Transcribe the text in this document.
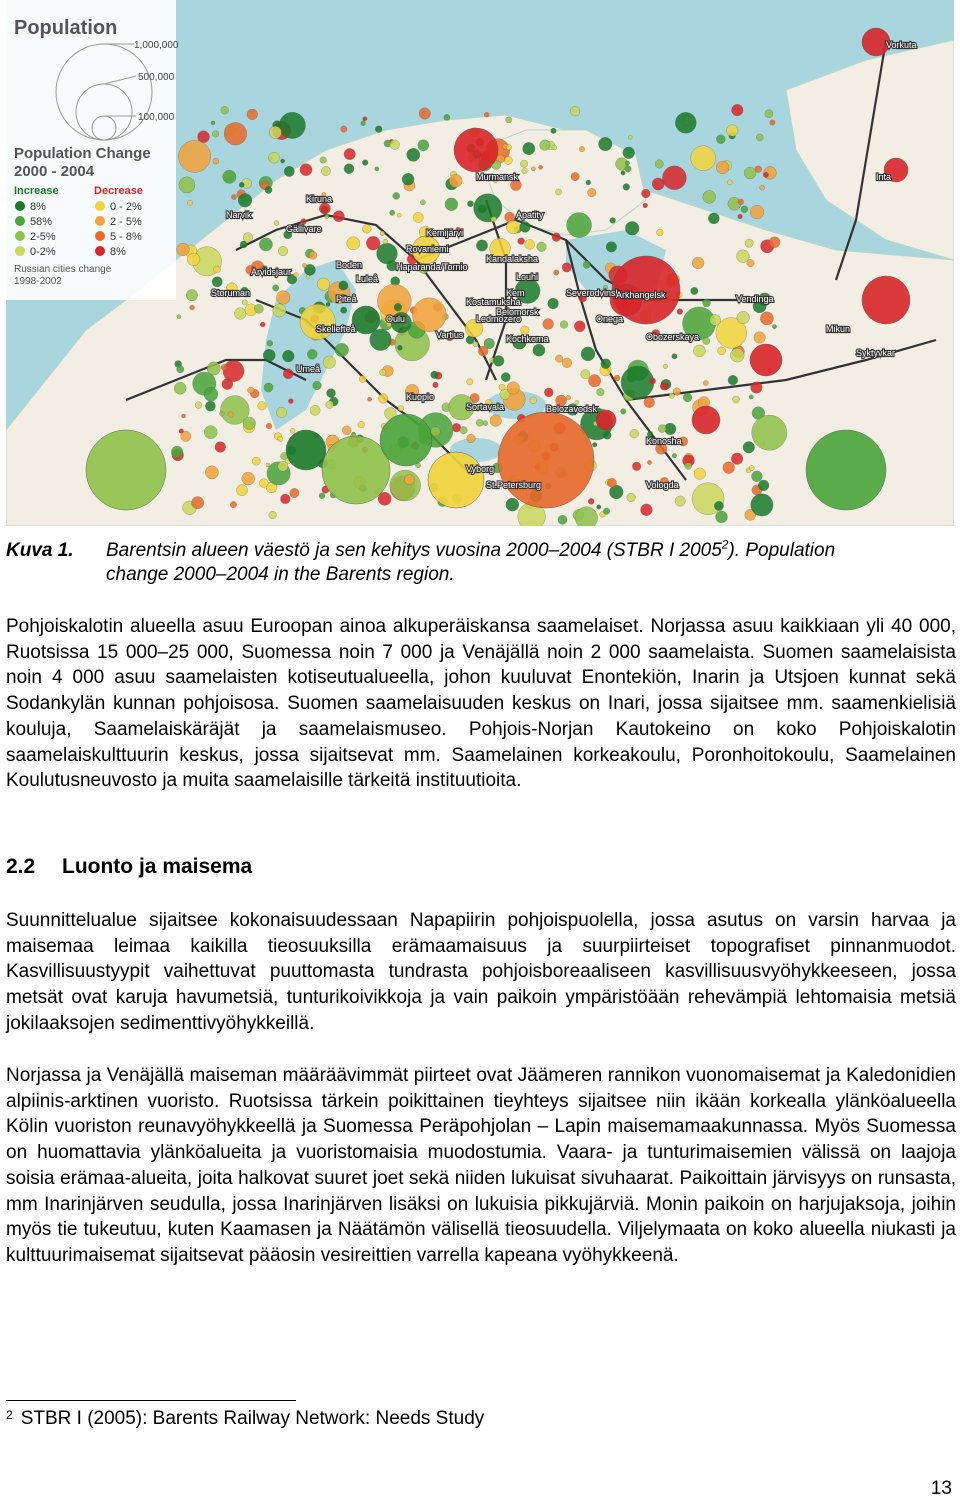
Vorkuta
Murmansk
Apatity
Inta
Kiruna
Gällivare
Narvik
Boden
Luleå
Rovaniemi
Kemijärvi
Kandalaksha
Louhi
Kostamuksha
Kem
Belomorsk
Severodvinsk
Arkhangelsk
Onega
Obozerskaya
Vendinga
Arvidsjaur
Storuman
Haparanda/Tornio
Oulu
Piteå
Skellefteå
Umeå
Vartius	Kochkoma
Ledmozero
Mikun
Syktyvkar
Konosha
Belozavodsk
Vyborg
St.Petersburg
Sortavala
Kuopio
Vologda
Population
1,000,000
500,000
100,000
Population Change
2000 - 2004
Increase	Decrease
8%
58%
2-5%
0-2%
0 - 2%
2 - 5%
5 - 8%
8%
Russian cities change
1998-2002
Kuva 1. Barentsin alueen väestö ja sen kehitys vuosina 2000–2004 (STBR I 2005$^2$). Population
change 2000–2004 in the Barents region.
Pohjoiskalotin alueella asuu Euroopan ainoa alkuperäiskansa saamelaiset. Norjassa asuu kaikkiaan yli 40 000, Ruotsissa 15 000–25 000, Suomessa noin 7 000 ja Venäjällä noin 2 000 saamelaista. Suomen saamelaisista noin 4 000 asuu saamelaisten kotiseutualueella, johon kuuluvat Enontekiön, Inarin ja Utsjoen kunnat sekä Sodankylän kunnan pohjoisosa. Suomen saamelaisuuden keskus on Inari, jossa sijaitsee mm. saamenkielisiä kouluja, Saamelaiskäräjät ja saamelaismuseo. Pohjois-Norjan Kautokeino on koko Pohjoiskalotin saamelaiskulttuurin keskus, jossa sijaitsevat mm. Saamelainen korkeakoulu, Poronhoitokoulu, Saamelainen Koulutusneuvosto ja muita saamelaisille tärkeitä instituutioita.
2.2 Luonto ja maisema
Suunnittelualue sijaitsee kokonaisuudessaan Napapiirin pohjoispuolella, jossa asutus on varsin harvaa ja maisemaa leimaa kaikilla tieosuuksilla erämaamaisuus ja suurpiirteiset topografiset pinnanmuodot. Kasvillisuustyypit vaihettuvat puuttomasta tundrasta pohjoisboreaaliseen kasvillisuusvyöhykkeeseen, jossa metsät ovat karuja havumetsiä, tunturikoivikkoja ja vain paikoin ympäristöään rehevämpiä lehtomaisia metsiä jokilaaksojen sedimenttivyöhykkeillä.
Norjassa ja Venäjällä maiseman määräävimmät piirteet ovat Jäämeren rannikon vuonomaisemat ja Kaledonidien alpiinis-arktinen vuoristo. Ruotsissa tärkein poikittainen tieyhteys sijaitsee niin ikään korkealla ylänköalueella Kölin vuoriston reunavyöhykkeellä ja Suomessa Peräpohjolan – Lapin maisemamaakunnassa. Myös Suomessa on huomattavia ylänköalueita ja vuoristomaisia muodostumia. Vaara- ja tunturimaisemien välissä on laajoja soisia erämaa-alueita, joita halkovat suuret joet sekä niiden lukuisat sivuhaarat. Paikoittain järvisyys on runsasta, mm Inarinjärven seudulla, jossa Inarinjärven lisäksi on lukuisia pikkujärviä. Monin paikoin on harjujaksoja, joihin myös tie tukeutuu, kuten Kaamasen ja Näätämön välisellä tieosuudella. Viljelymaata on koko alueella niukasti ja kulttuurimaisemat sijaitsevat pääosin vesireittien varrella kapeana vyöhykkeenä.
$^2$ STBR I (2005): Barents Railway Network: Needs Study
13
